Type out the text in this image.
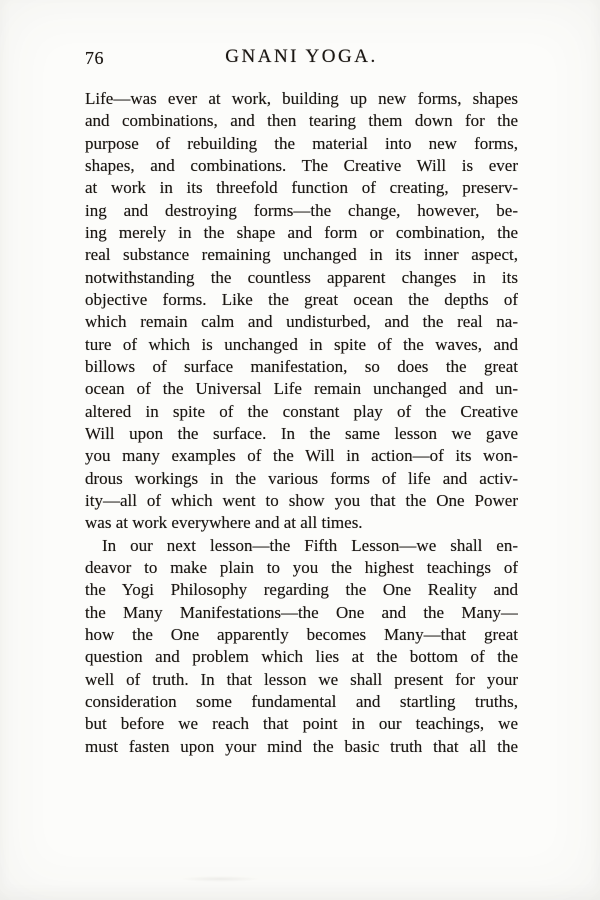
76	GNANI YOGA.
Life—was ever at work, building up new forms, shapes
and combinations, and then tearing them down for the
purpose of rebuilding the material into new forms,
shapes, and combinations. The Creative Will is ever
at work in its threefold function of creating, preserv-
ing and destroying forms—the change, however, be-
ing merely in the shape and form or combination, the
real substance remaining unchanged in its inner aspect,
notwithstanding the countless apparent changes in its
objective forms. Like the great ocean the depths of
which remain calm and undisturbed, and the real na-
ture of which is unchanged in spite of the waves, and
billows of surface manifestation, so does the great
ocean of the Universal Life remain unchanged and un-
altered in spite of the constant play of the Creative
Will upon the surface. In the same lesson we gave
you many examples of the Will in action—of its won-
drous workings in the various forms of life and activ-
ity—all of which went to show you that the One Power
was at work everywhere and at all times.
In our next lesson—the Fifth Lesson—we shall en-
deavor to make plain to you the highest teachings of
the Yogi Philosophy regarding the One Reality and
the Many Manifestations—the One and the Many—
how the One apparently becomes Many—that great
question and problem which lies at the bottom of the
well of truth. In that lesson we shall present for your
consideration some fundamental and startling truths,
but before we reach that point in our teachings, we
must fasten upon your mind the basic truth that all the
